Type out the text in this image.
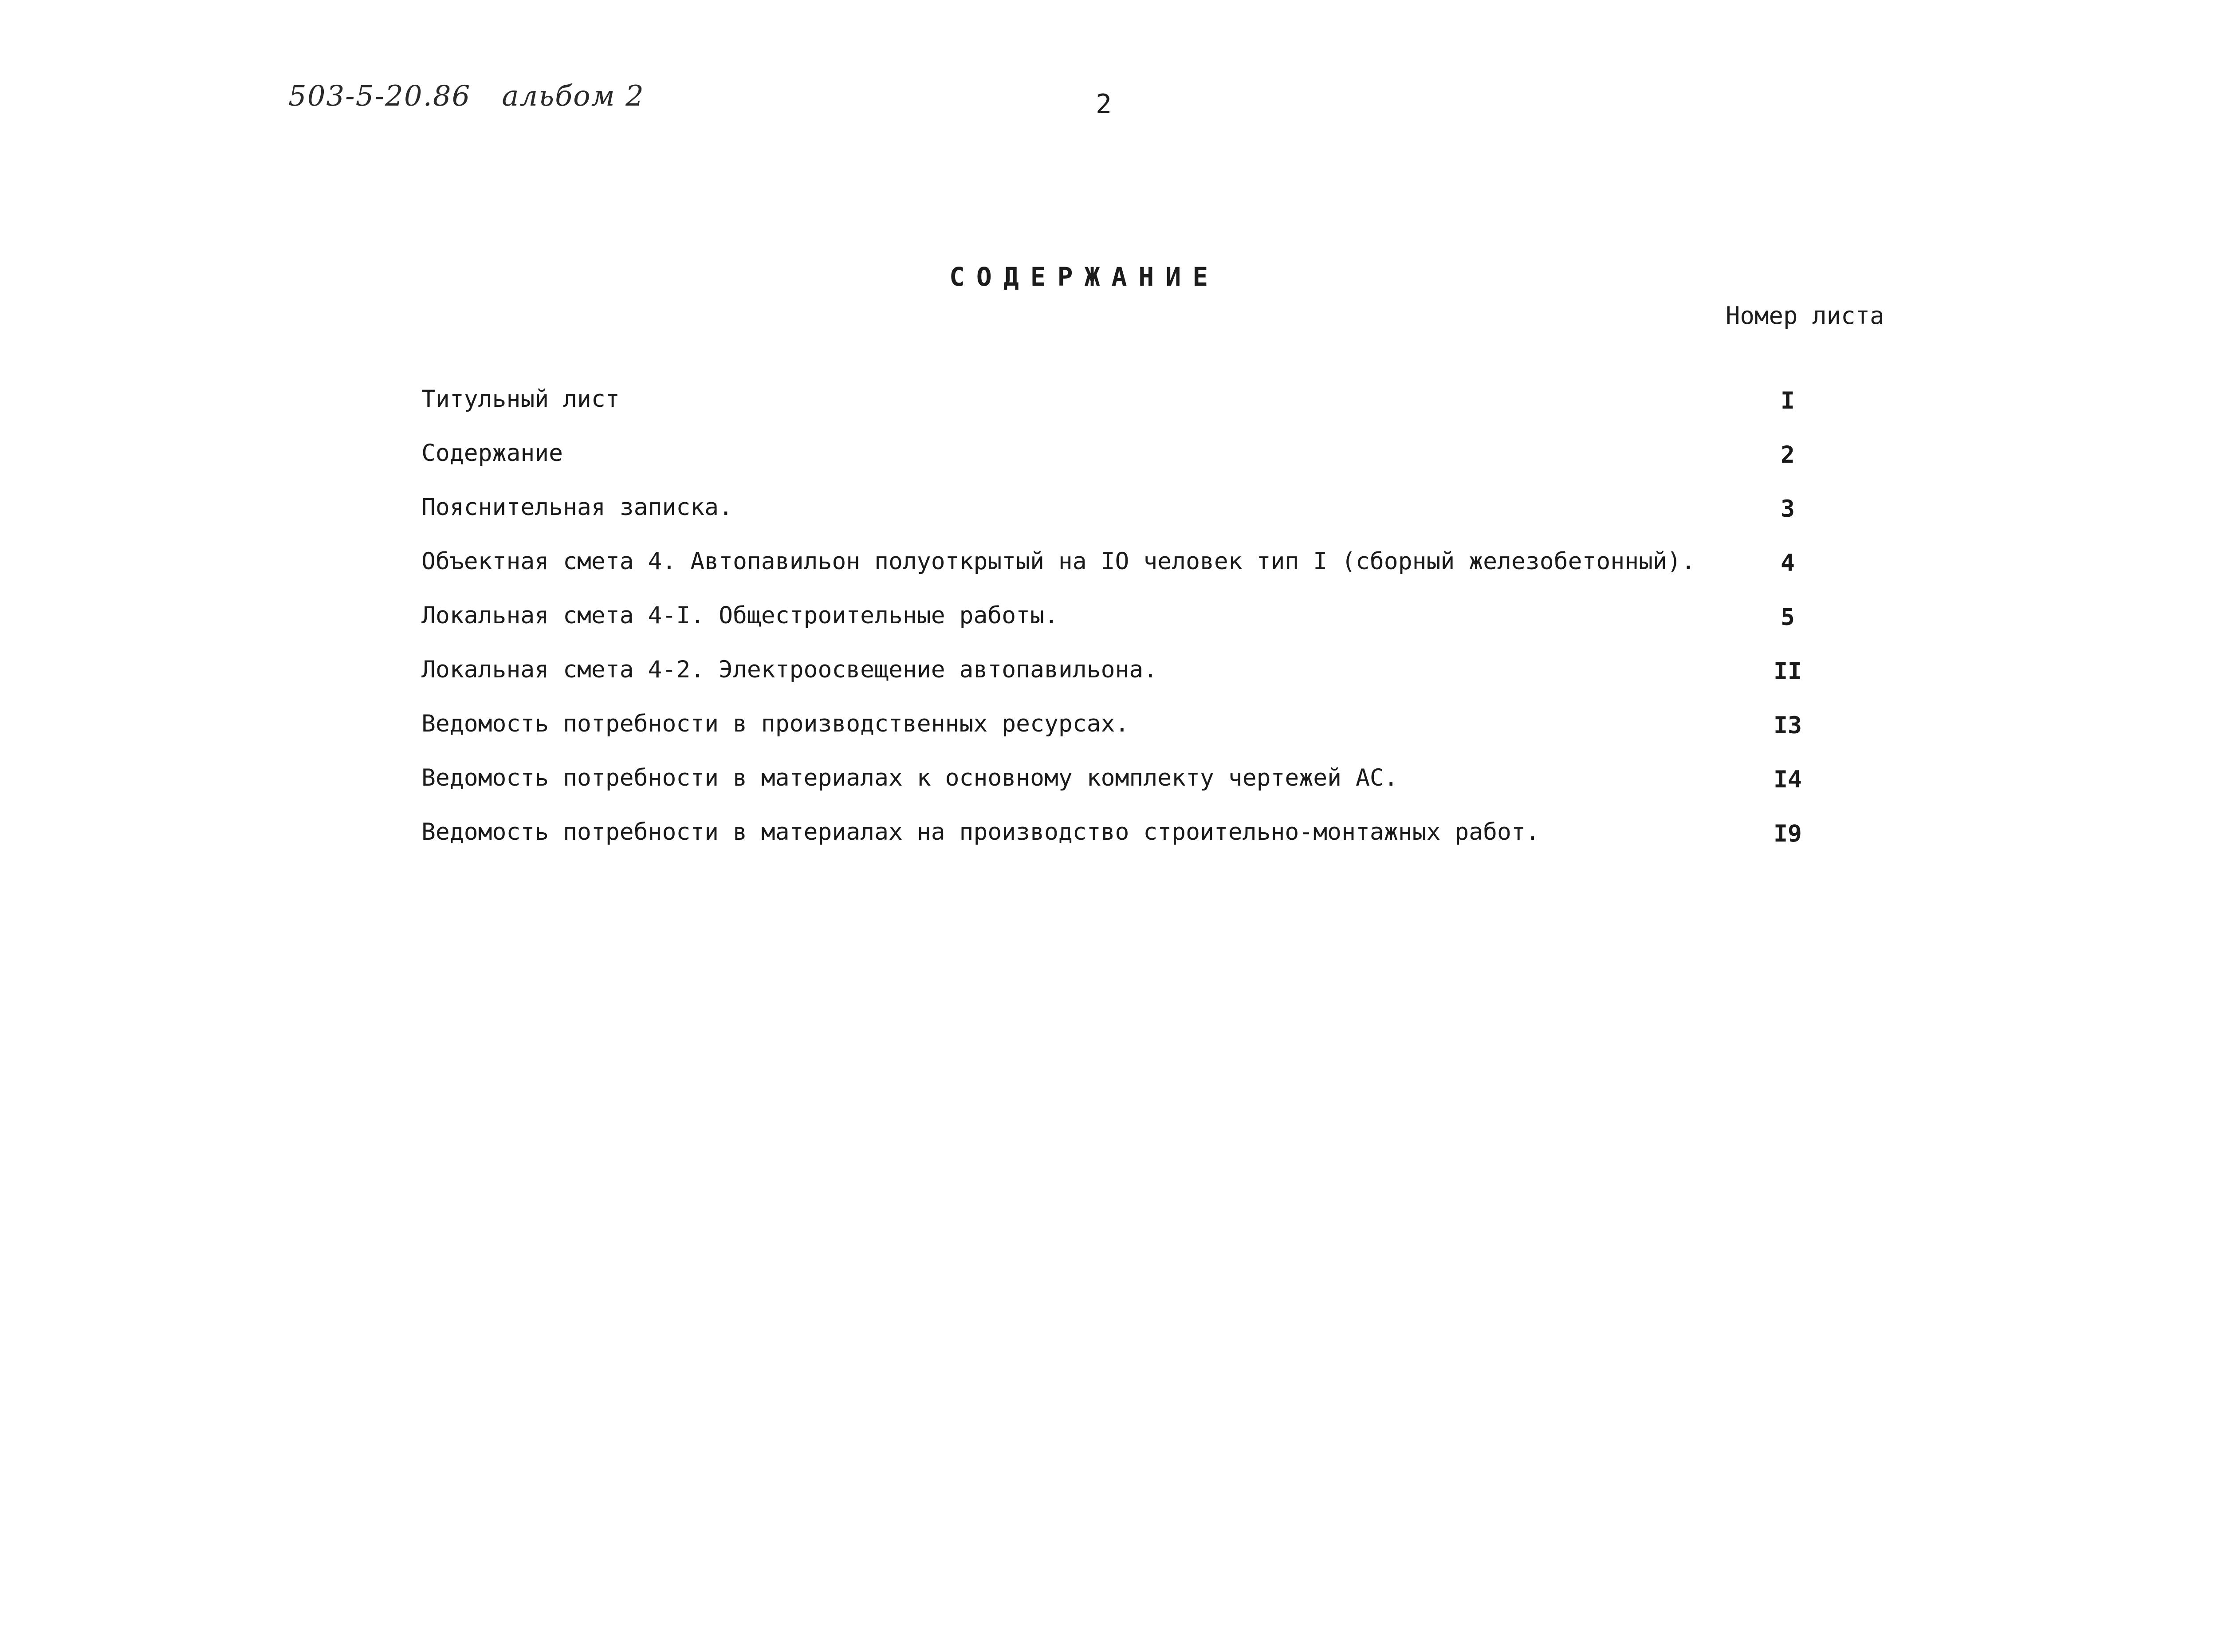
503-5-20.86 альбом 2	2
СОДЕРЖАНИЕ
Номер листа
Титульный лист	I
Содержание	2
Пояснительная записка.	3
Объектная смета 4. Автопавильон полуоткрытый на IO человек тип I (сборный железобетонный).	4
Локальная смета 4-I. Общестроительные работы.	5
Локальная смета 4-2. Электроосвещение автопавильона.	II
Ведомость потребности в производственных ресурсах.	I3
Ведомость потребности в материалах к основному комплекту чертежей АС.	I4
Ведомость потребности в материалах на производство строительно-монтажных работ.	I9
